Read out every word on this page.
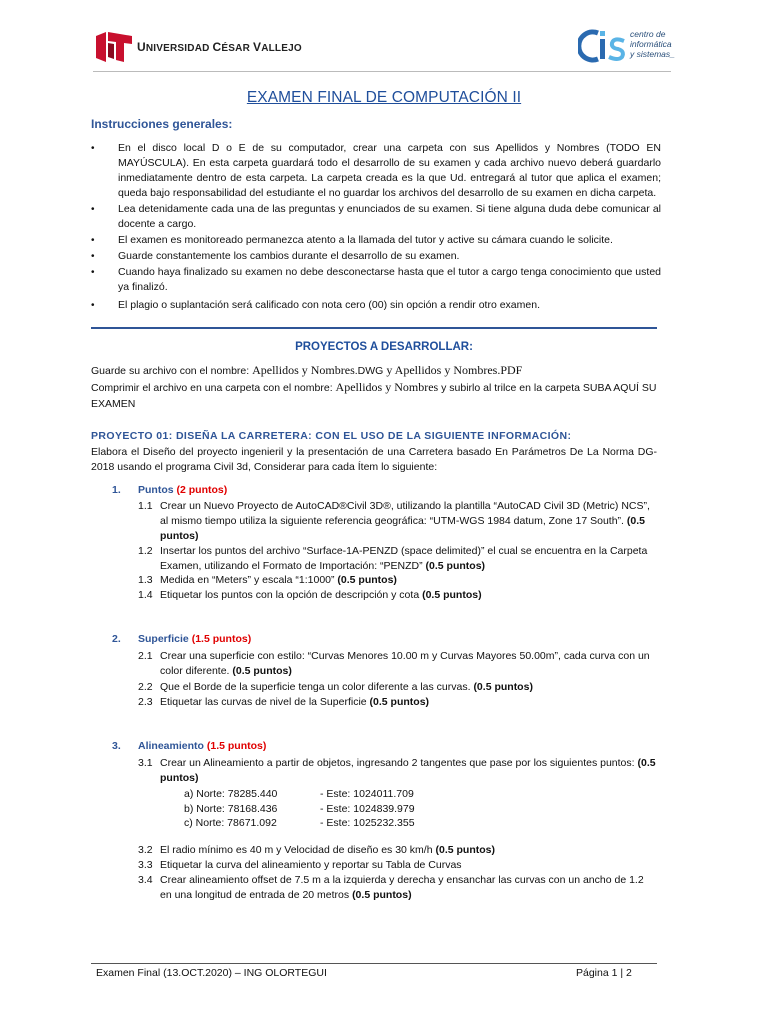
UNIVERSIDAD CÉSAR VALLEJO
centro de
informática
y sistemas_
EXAMEN FINAL DE COMPUTACIÓN II
Instrucciones generales:
• En el disco local D o E de su computador, crear una carpeta con sus Apellidos y Nombres (TODO EN MAYÚSCULA). En esta carpeta guardará todo el desarrollo de su examen y cada archivo nuevo deberá guardarlo inmediatamente dentro de esta carpeta. La carpeta creada es la que Ud. entregará al tutor que aplica el examen; queda bajo responsabilidad del estudiante el no guardar los archivos del desarrollo de su examen en dicha carpeta.
• Lea detenidamente cada una de las preguntas y enunciados de su examen. Si tiene alguna duda debe comunicar al docente a cargo.
• El examen es monitoreado permanezca atento a la llamada del tutor y active su cámara cuando le solicite.
• Guarde constantemente los cambios durante el desarrollo de su examen.
• Cuando haya finalizado su examen no debe desconectarse hasta que el tutor a cargo tenga conocimiento que usted ya finalizó.
• El plagio o suplantación será calificado con nota cero (00) sin opción a rendir otro examen.
PROYECTOS A DESARROLLAR:
Guarde su archivo con el nombre: Apellidos y Nombres.DWG y Apellidos y Nombres.PDF
Comprimir el archivo en una carpeta con el nombre: Apellidos y Nombres y subirlo al trilce en la carpeta SUBA AQUÍ SU EXAMEN
PROYECTO 01: DISEÑA LA CARRETERA: CON EL USO DE LA SIGUIENTE INFORMACIÓN:
Elabora el Diseño del proyecto ingenieril y la presentación de una Carretera basado En Parámetros De La Norma DG-2018 usando el programa Civil 3d, Considerar para cada Ítem lo siguiente:
1. Puntos (2 puntos)
1.1 Crear un Nuevo Proyecto de AutoCAD®Civil 3D®, utilizando la plantilla “AutoCAD Civil 3D (Metric) NCS”, al mismo tiempo utiliza la siguiente referencia geográfica: “UTM-WGS 1984 datum, Zone 17 South”. (0.5 puntos)
1.2 Insertar los puntos del archivo “Surface-1A-PENZD (space delimited)” el cual se encuentra en la Carpeta Examen, utilizando el Formato de Importación: “PENZD” (0.5 puntos)
1.3 Medida en “Meters” y escala “1:1000” (0.5 puntos)
1.4 Etiquetar los puntos con la opción de descripción y cota (0.5 puntos)
2. Superficie (1.5 puntos)
2.1 Crear una superficie con estilo: “Curvas Menores 10.00 m y Curvas Mayores 50.00m”, cada curva con un color diferente. (0.5 puntos)
2.2 Que el Borde de la superficie tenga un color diferente a las curvas. (0.5 puntos)
2.3 Etiquetar las curvas de nivel de la Superficie (0.5 puntos)
3. Alineamiento (1.5 puntos)
3.1 Crear un Alineamiento a partir de objetos, ingresando 2 tangentes que pase por los siguientes puntos: (0.5 puntos)
a) Norte: 78285.440	- Este: 1024011.709
b) Norte: 78168.436	- Este: 1024839.979
c) Norte: 78671.092	- Este: 1025232.355
3.2 El radio mínimo es 40 m y Velocidad de diseño es 30 km/h (0.5 puntos)
3.3 Etiquetar la curva del alineamiento y reportar su Tabla de Curvas
3.4 Crear alineamiento offset de 7.5 m a la izquierda y derecha y ensanchar las curvas con un ancho de 1.2 en una longitud de entrada de 20 metros (0.5 puntos)
Examen Final (13.OCT.2020) – ING OLORTEGUI	Página 1 | 2
